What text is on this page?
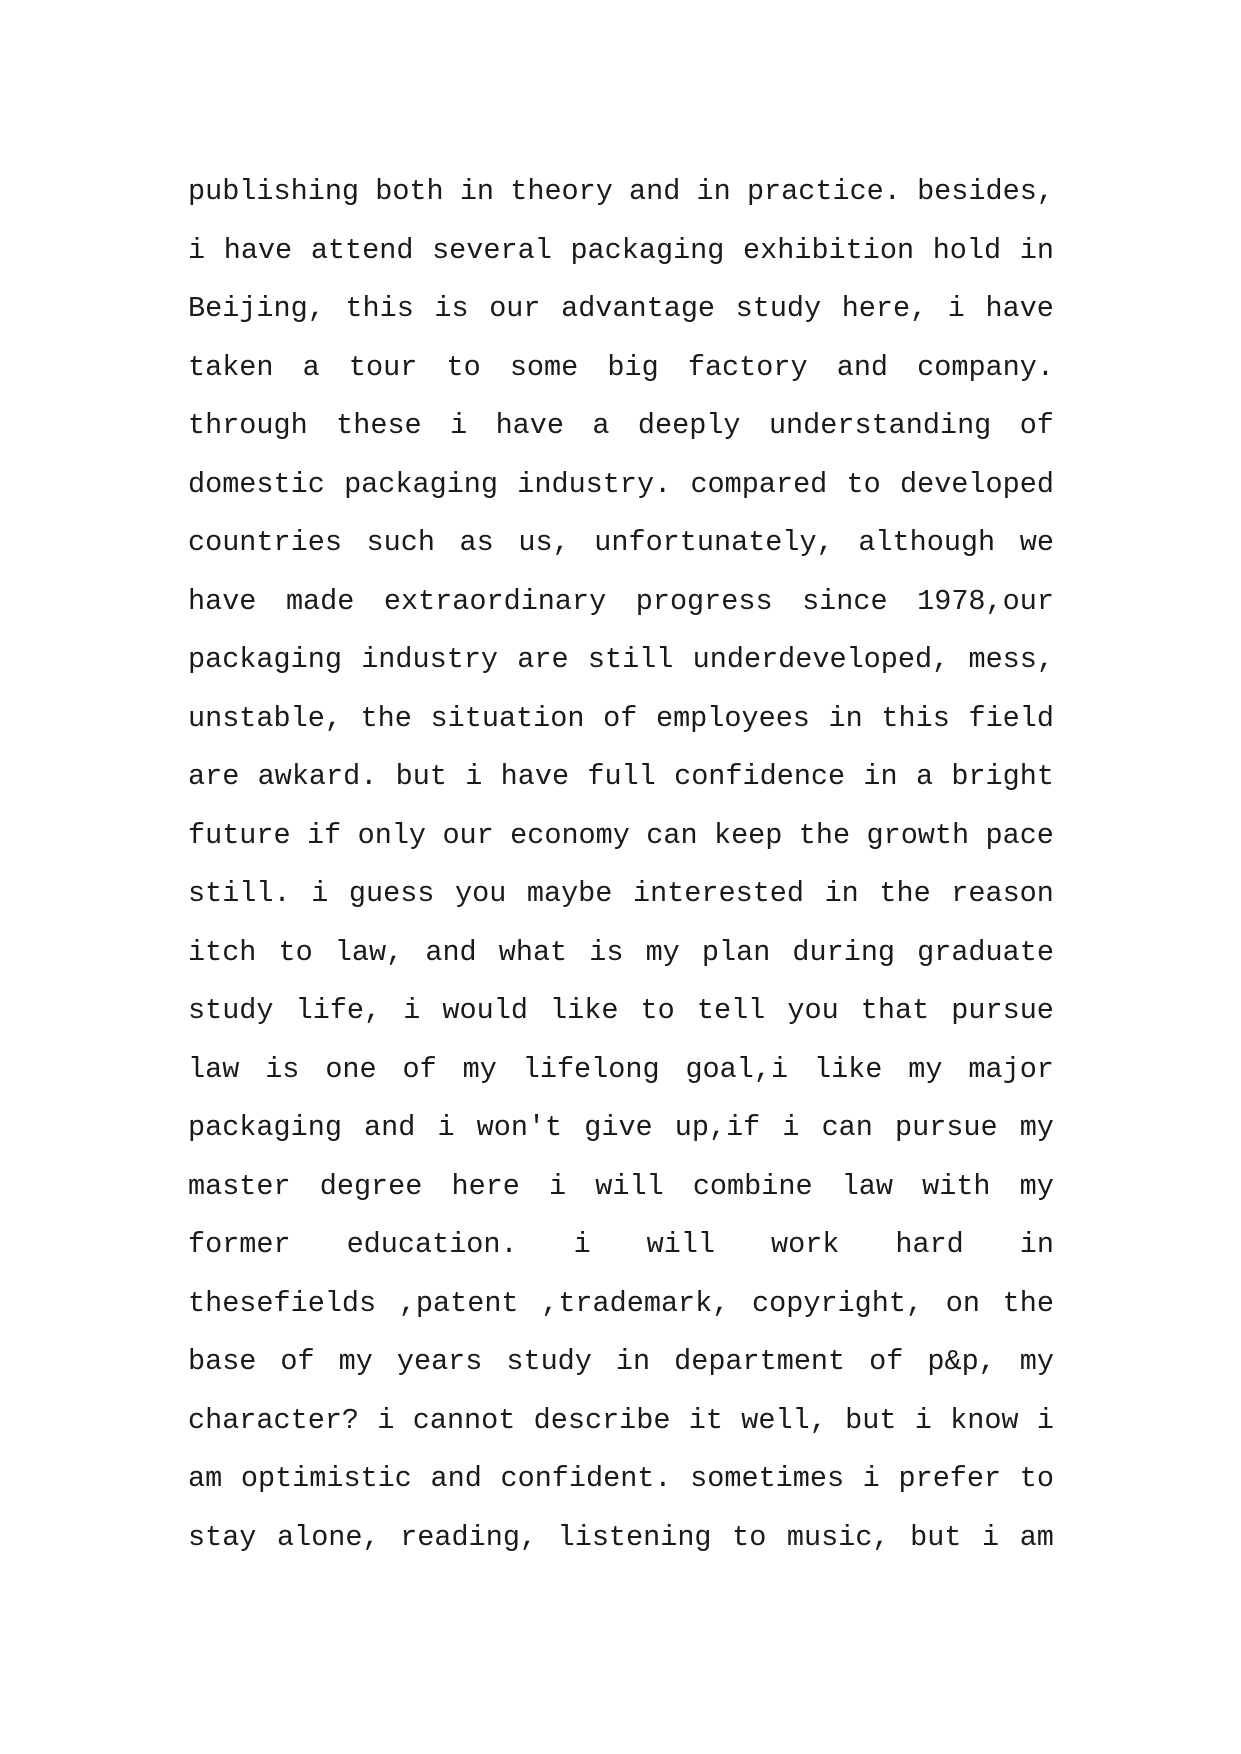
publishing both in theory and in practice. besides,
i have attend several packaging exhibition hold in
Beijing, this is our advantage study here, i have
taken a tour to some big factory and company.
through these i have a deeply understanding of
domestic packaging industry. compared to developed
countries such as us, unfortunately, although we
have made extraordinary progress since 1978,our
packaging industry are still underdeveloped, mess,
unstable, the situation of employees in this field
are awkard. but i have full confidence in a bright
future if only our economy can keep the growth pace
still. i guess you maybe interested in the reason
itch to law, and what is my plan during graduate
study life, i would like to tell you that pursue
law is one of my lifelong goal,i like my major
packaging and i won't give up,if i can pursue my
master degree here i will combine law with my
former education. i will work hard in
thesefields ,patent ,trademark, copyright, on the
base of my years study in department of p&p, my
character? i cannot describe it well, but i know i
am optimistic and confident. sometimes i prefer to
stay alone, reading, listening to music, but i am
